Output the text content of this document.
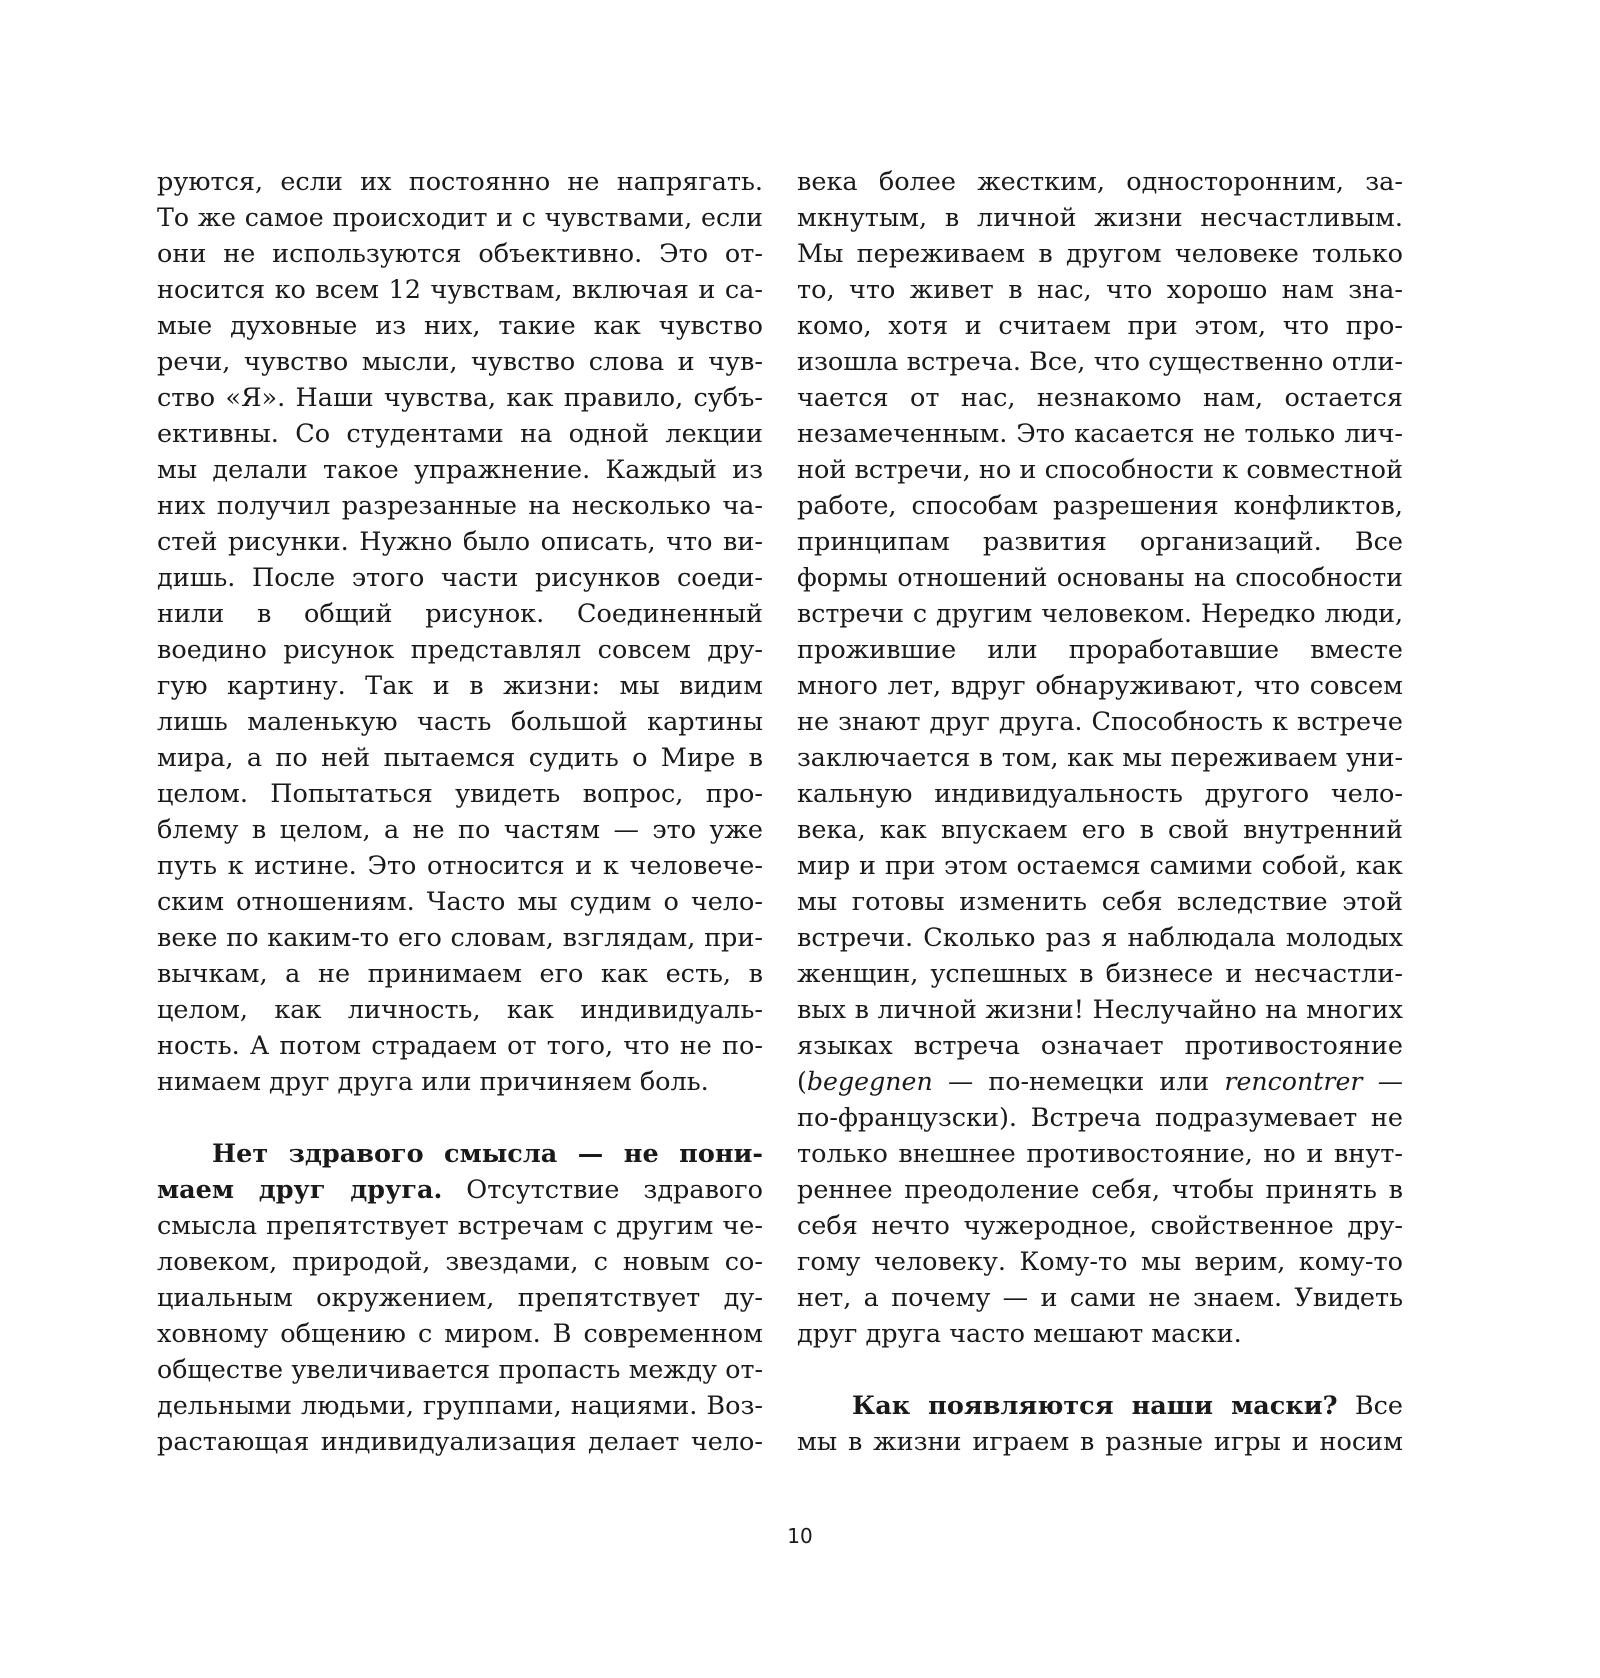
руются, если их постоянно не напрягать.
То же самое происходит и с чувствами, если
они не используются объективно. Это от-
носится ко всем 12 чувствам, включая и са-
мые духовные из них, такие как чувство
речи, чувство мысли, чувство слова и чув-
ство «Я». Наши чувства, как правило, субъ-
ективны. Со студентами на одной лекции
мы делали такое упражнение. Каждый из
них получил разрезанные на несколько ча-
стей рисунки. Нужно было описать, что ви-
дишь. После этого части рисунков соеди-
нили в общий рисунок. Соединенный
воедино рисунок представлял совсем дру-
гую картину. Так и в жизни: мы видим
лишь маленькую часть большой картины
мира, а по ней пытаемся судить о Мире в
целом. Попытаться увидеть вопрос, про-
блему в целом, а не по частям — это уже
путь к истине. Это относится и к человече-
ским отношениям. Часто мы судим о чело-
веке по каким-то его словам, взглядам, при-
вычкам, а не принимаем его как есть, в
целом, как личность, как индивидуаль-
ность. А потом страдаем от того, что не по-
нимаем друг друга или причиняем боль.
Нет здравого смысла — не пони-
маем друг друга. Отсутствие здравого
смысла препятствует встречам с другим че-
ловеком, природой, звездами, с новым со-
циальным окружением, препятствует ду-
ховному общению с миром. В современном
обществе увеличивается пропасть между от-
дельными людьми, группами, нациями. Воз-
растающая индивидуализация делает чело-
века более жестким, односторонним, за-
мкнутым, в личной жизни несчастливым.
Мы переживаем в другом человеке только
то, что живет в нас, что хорошо нам зна-
комо, хотя и считаем при этом, что про-
изошла встреча. Все, что существенно отли-
чается от нас, незнакомо нам, остается
незамеченным. Это касается не только лич-
ной встречи, но и способности к совместной
работе, способам разрешения конфликтов,
принципам развития организаций. Все
формы отношений основаны на способности
встречи с другим человеком. Нередко люди,
прожившие или проработавшие вместе
много лет, вдруг обнаруживают, что совсем
не знают друг друга. Способность к встрече
заключается в том, как мы переживаем уни-
кальную индивидуальность другого чело-
века, как впускаем его в свой внутренний
мир и при этом остаемся самими собой, как
мы готовы изменить себя вследствие этой
встречи. Сколько раз я наблюдала молодых
женщин, успешных в бизнесе и несчастли-
вых в личной жизни! Неслучайно на многих
языках встреча означает противостояние
(begegnen — по-немецки или rencontrer —
по-французски). Встреча подразумевает не
только внешнее противостояние, но и внут-
реннее преодоление себя, чтобы принять в
себя нечто чужеродное, свойственное дру-
гому человеку. Кому-то мы верим, кому-то
нет, а почему — и сами не знаем. Увидеть
друг друга часто мешают маски.
Как появляются наши маски? Все
мы в жизни играем в разные игры и носим
10
